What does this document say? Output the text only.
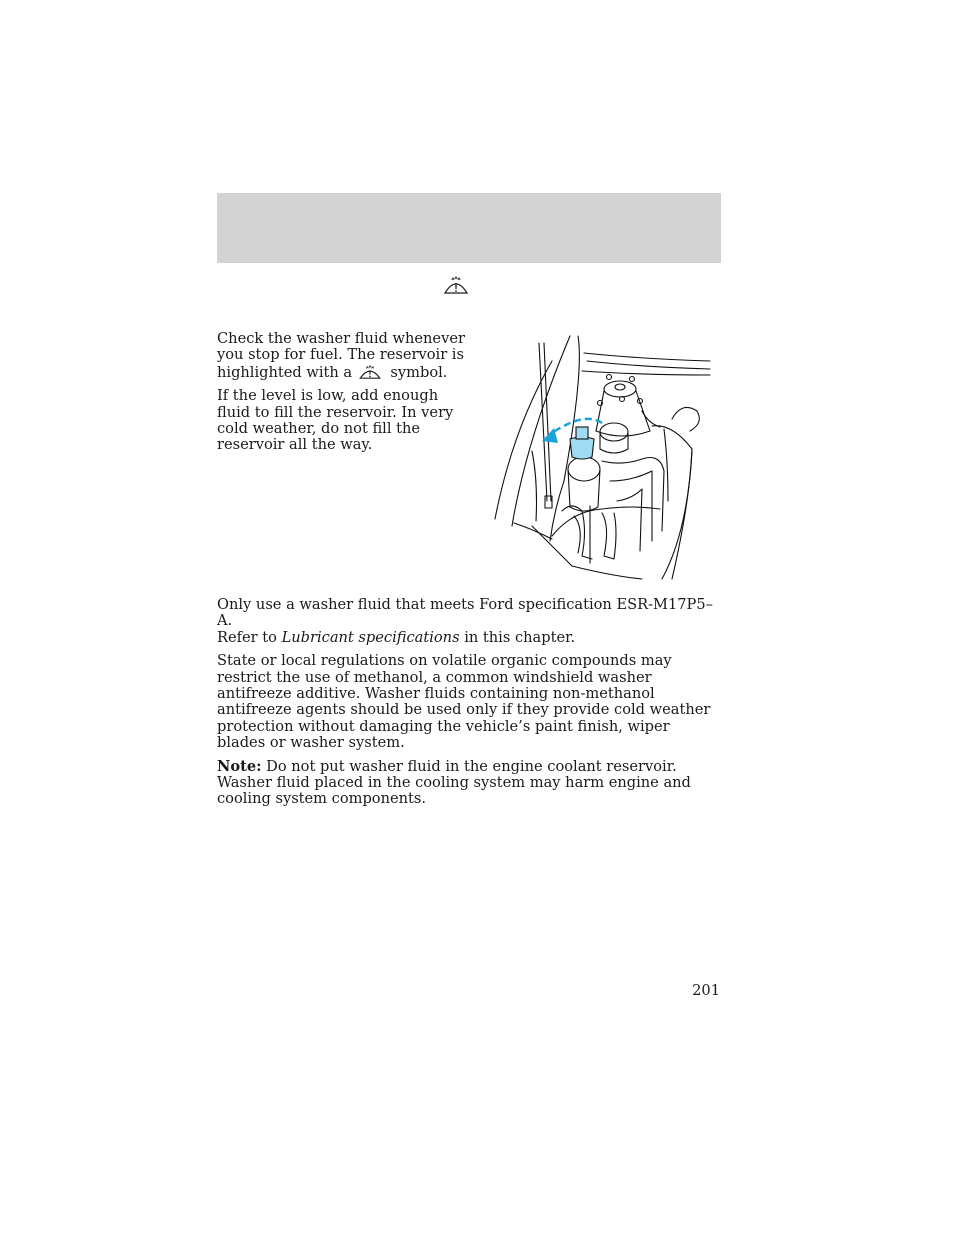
Check the washer fluid whenever you stop for fuel. The reservoir is highlighted with a	symbol.

If the level is low, add enough fluid to fill the reservoir. In very cold weather, do not fill the reservoir all the way.

Only use a washer fluid that meets Ford specification ESR-M17P5–A.
Refer to Lubricant specifications in this chapter.

State or local regulations on volatile organic compounds may restrict the use of methanol, a common windshield washer antifreeze additive. Washer fluids containing non-methanol antifreeze agents should be used only if they provide cold weather protection without damaging the vehicle’s paint finish, wiper blades or washer system.

Note: Do not put washer fluid in the engine coolant reservoir. Washer fluid placed in the cooling system may harm engine and cooling system components.

201
